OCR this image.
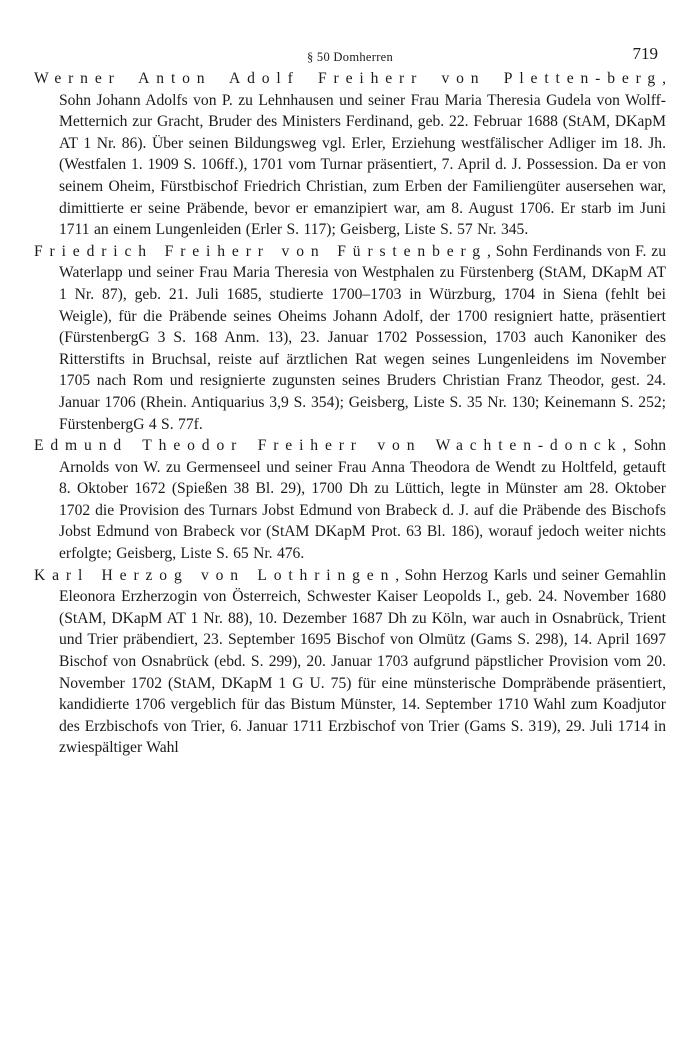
§ 50 Domherren	719

Werner Anton Adolf Freiherr von Pletten-berg, Sohn Johann Adolfs von P. zu Lehnhausen und seiner Frau Maria Theresia Gudela von Wolff-Metternich zur Gracht, Bruder des Ministers Ferdinand, geb. 22. Februar 1688 (StAM, DKapM AT 1 Nr. 86). Über seinen Bildungsweg vgl. Erler, Erziehung westfälischer Adliger im 18. Jh. (Westfalen 1. 1909 S. 106ff.), 1701 vom Turnar präsentiert, 7. April d. J. Possession. Da er von seinem Oheim, Fürstbischof Friedrich Christian, zum Erben der Familiengüter ausersehen war, dimittierte er seine Präbende, bevor er emanzipiert war, am 8. August 1706. Er starb im Juni 1711 an einem Lungenleiden (Erler S. 117); Geisberg, Liste S. 57 Nr. 345.

Friedrich Freiherr von Fürstenberg, Sohn Ferdinands von F. zu Waterlapp und seiner Frau Maria Theresia von Westphalen zu Fürstenberg (StAM, DKapM AT 1 Nr. 87), geb. 21. Juli 1685, studierte 1700–1703 in Würzburg, 1704 in Siena (fehlt bei Weigle), für die Präbende seines Oheims Johann Adolf, der 1700 resigniert hatte, präsentiert (FürstenbergG 3 S. 168 Anm. 13), 23. Januar 1702 Possession, 1703 auch Kanoniker des Ritterstifts in Bruchsal, reiste auf ärztlichen Rat wegen seines Lungenleidens im November 1705 nach Rom und resignierte zugunsten seines Bruders Christian Franz Theodor, gest. 24. Januar 1706 (Rhein. Antiquarius 3,9 S. 354); Geisberg, Liste S. 35 Nr. 130; Keinemann S. 252; FürstenbergG 4 S. 77f.

Edmund Theodor Freiherr von Wachten-donck, Sohn Arnolds von W. zu Germenseel und seiner Frau Anna Theodora de Wendt zu Holtfeld, getauft 8. Oktober 1672 (Spießen 38 Bl. 29), 1700 Dh zu Lüttich, legte in Münster am 28. Oktober 1702 die Provision des Turnars Jobst Edmund von Brabeck d. J. auf die Präbende des Bischofs Jobst Edmund von Brabeck vor (StAM DKapM Prot. 63 Bl. 186), worauf jedoch weiter nichts erfolgte; Geisberg, Liste S. 65 Nr. 476.

Karl Herzog von Lothringen, Sohn Herzog Karls und seiner Gemahlin Eleonora Erzherzogin von Österreich, Schwester Kaiser Leopolds I., geb. 24. November 1680 (StAM, DKapM AT 1 Nr. 88), 10. Dezember 1687 Dh zu Köln, war auch in Osnabrück, Trient und Trier präbendiert, 23. September 1695 Bischof von Olmütz (Gams S. 298), 14. April 1697 Bischof von Osnabrück (ebd. S. 299), 20. Januar 1703 aufgrund päpstlicher Provision vom 20. November 1702 (StAM, DKapM 1 G U. 75) für eine münsterische Dompräbende präsentiert, kandidierte 1706 vergeblich für das Bistum Münster, 14. September 1710 Wahl zum Koadjutor des Erzbischofs von Trier, 6. Januar 1711 Erzbischof von Trier (Gams S. 319), 29. Juli 1714 in zwiespältiger Wahl
